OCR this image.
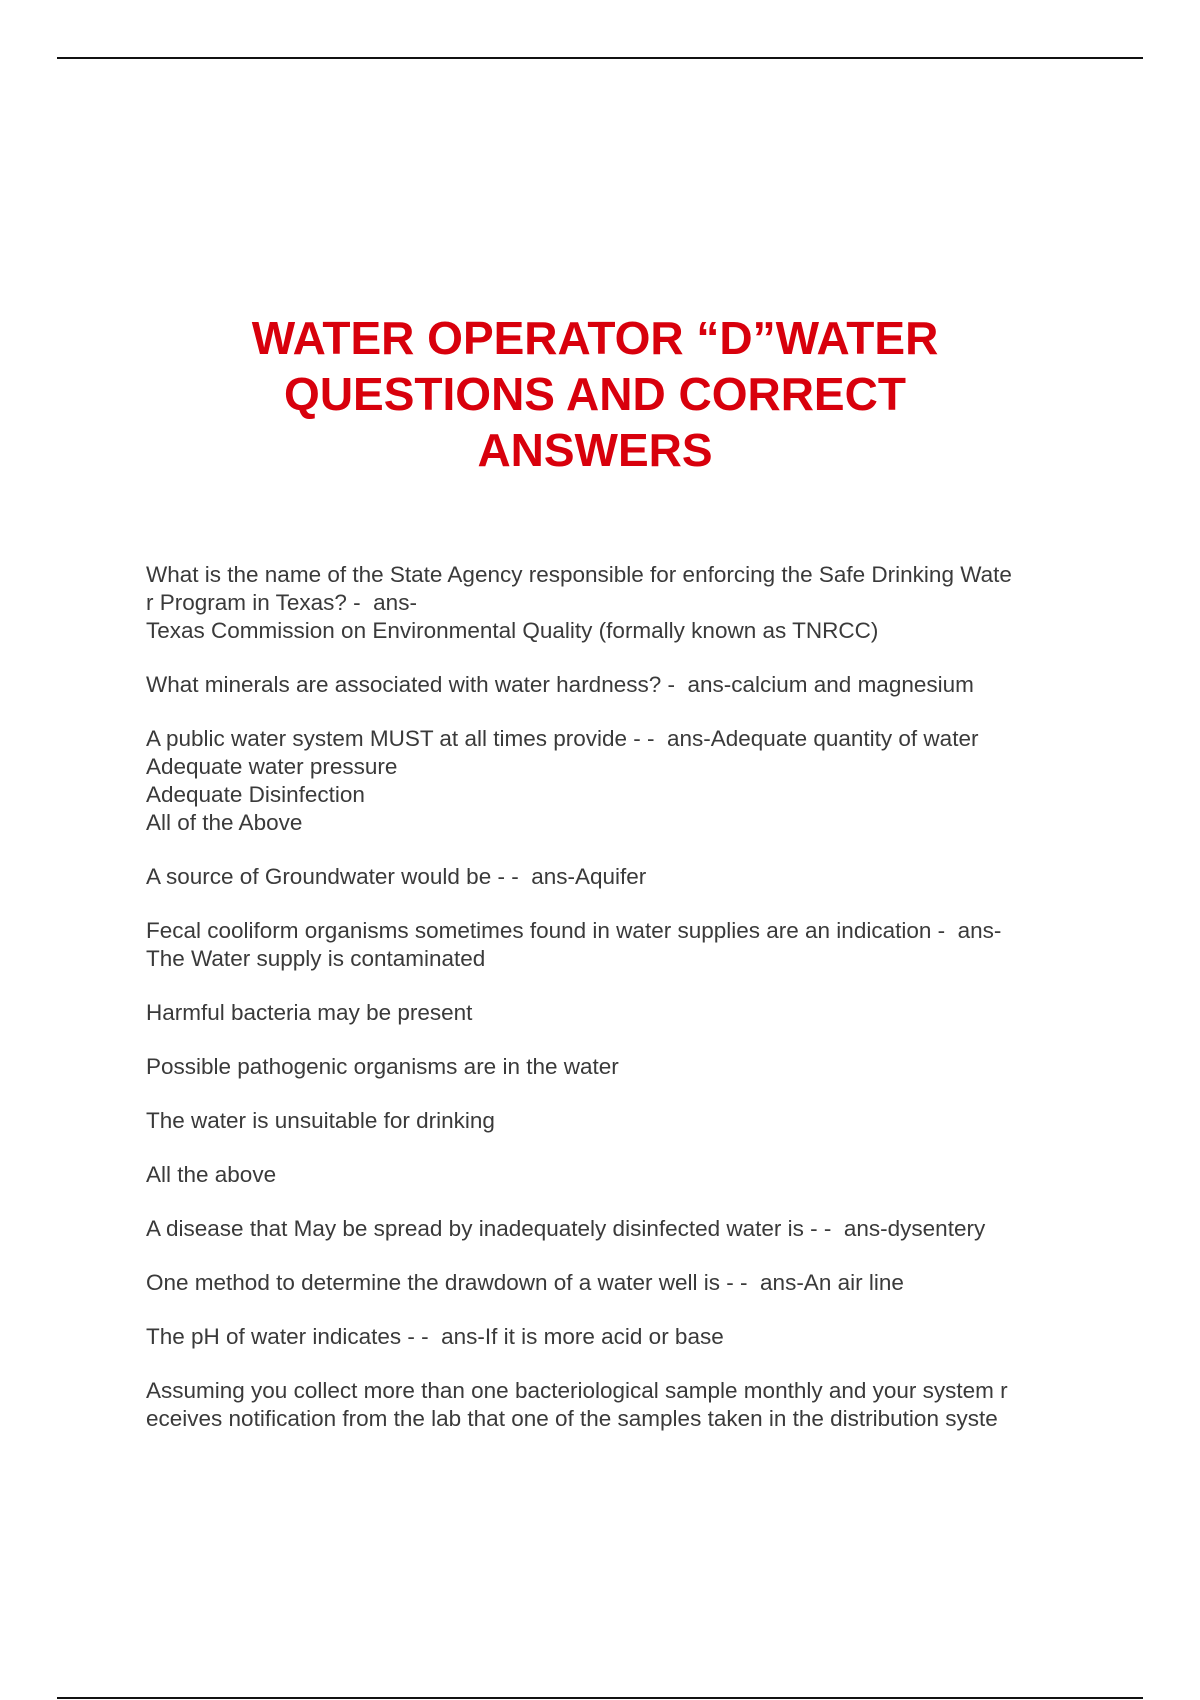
WATER OPERATOR “D”WATER
QUESTIONS AND CORRECT
ANSWERS
What is the name of the State Agency responsible for enforcing the Safe Drinking Wate
r Program in Texas? -  ans-
Texas Commission on Environmental Quality (formally known as TNRCC)
What minerals are associated with water hardness? -  ans-calcium and magnesium
A public water system MUST at all times provide - -  ans-Adequate quantity of water
Adequate water pressure
Adequate Disinfection
All of the Above
A source of Groundwater would be - -  ans-Aquifer
Fecal cooliform organisms sometimes found in water supplies are an indication -  ans-
The Water supply is contaminated
Harmful bacteria may be present
Possible pathogenic organisms are in the water
The water is unsuitable for drinking
All the above
A disease that May be spread by inadequately disinfected water is - -  ans-dysentery
One method to determine the drawdown of a water well is - -  ans-An air line
The pH of water indicates - -  ans-If it is more acid or base
Assuming you collect more than one bacteriological sample monthly and your system r
eceives notification from the lab that one of the samples taken in the distribution syste
